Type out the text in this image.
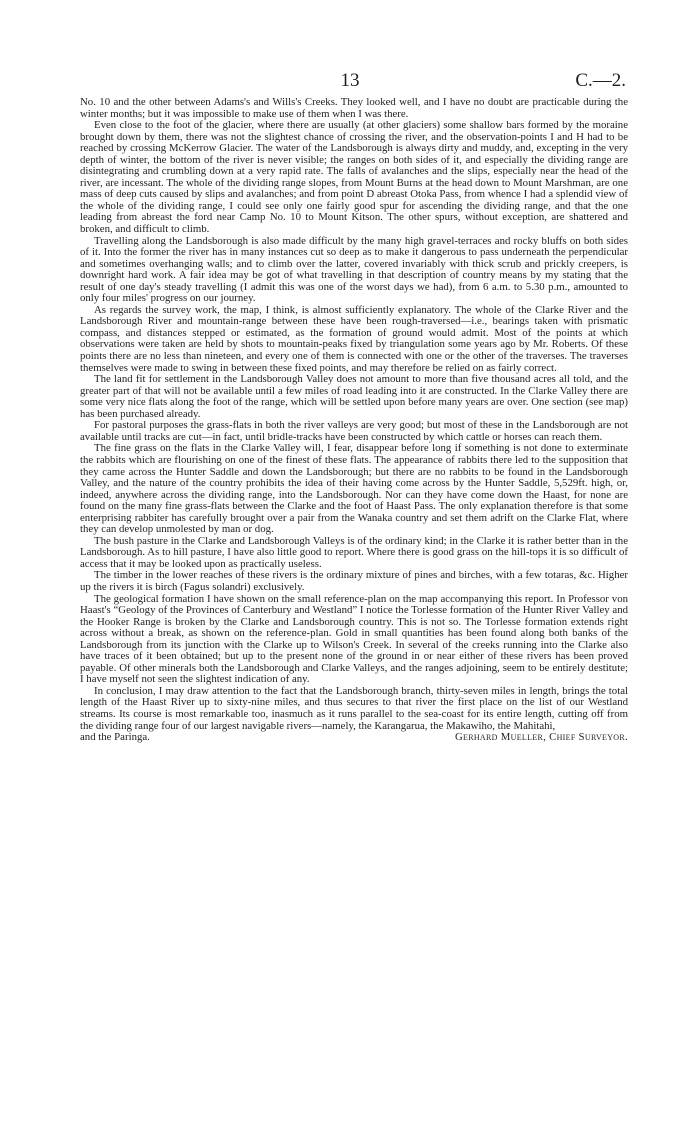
13	C.—2.

No. 10 and the other between Adams's and Wills's Creeks. They looked well, and I have no doubt are practicable during the winter months; but it was impossible to make use of them when I was there.

Even close to the foot of the glacier, where there are usually (at other glaciers) some shallow bars formed by the moraine brought down by them, there was not the slightest chance of crossing the river, and the observation-points I and H had to be reached by crossing McKerrow Glacier. The water of the Landsborough is always dirty and muddy, and, excepting in the very depth of winter, the bottom of the river is never visible; the ranges on both sides of it, and especially the dividing range are disintegrating and crumbling down at a very rapid rate. The falls of avalanches and the slips, especially near the head of the river, are incessant. The whole of the dividing range slopes, from Mount Burns at the head down to Mount Marshman, are one mass of deep cuts caused by slips and avalanches; and from point D abreast Otoka Pass, from whence I had a splendid view of the whole of the dividing range, I could see only one fairly good spur for ascending the dividing range, and that the one leading from abreast the ford near Camp No. 10 to Mount Kitson. The other spurs, without exception, are shattered and broken, and difficult to climb.

Travelling along the Landsborough is also made difficult by the many high gravel-terraces and rocky bluffs on both sides of it. Into the former the river has in many instances cut so deep as to make it dangerous to pass underneath the perpendicular and sometimes overhanging walls; and to climb over the latter, covered invariably with thick scrub and prickly creepers, is downright hard work. A fair idea may be got of what travelling in that description of country means by my stating that the result of one day's steady travelling (I admit this was one of the worst days we had), from 6 a.m. to 5.30 p.m., amounted to only four miles' progress on our journey.

As regards the survey work, the map, I think, is almost sufficiently explanatory. The whole of the Clarke River and the Landsborough River and mountain-range between these have been rough-traversed—i.e., bearings taken with prismatic compass, and distances stepped or estimated, as the formation of ground would admit. Most of the points at which observations were taken are held by shots to mountain-peaks fixed by triangulation some years ago by Mr. Roberts. Of these points there are no less than nineteen, and every one of them is connected with one or the other of the traverses. The traverses themselves were made to swing in between these fixed points, and may therefore be relied on as fairly correct.

The land fit for settlement in the Landsborough Valley does not amount to more than five thousand acres all told, and the greater part of that will not be available until a few miles of road leading into it are constructed. In the Clarke Valley there are some very nice flats along the foot of the range, which will be settled upon before many years are over. One section (see map) has been purchased already.

For pastoral purposes the grass-flats in both the river valleys are very good; but most of these in the Landsborough are not available until tracks are cut—in fact, until bridle-tracks have been constructed by which cattle or horses can reach them.

The fine grass on the flats in the Clarke Valley will, I fear, disappear before long if something is not done to exterminate the rabbits which are flourishing on one of the finest of these flats. The appearance of rabbits there led to the supposition that they came across the Hunter Saddle and down the Landsborough; but there are no rabbits to be found in the Landsborough Valley, and the nature of the country prohibits the idea of their having come across by the Hunter Saddle, 5,529ft. high, or, indeed, anywhere across the dividing range, into the Landsborough. Nor can they have come down the Haast, for none are found on the many fine grass-flats between the Clarke and the foot of Haast Pass. The only explanation therefore is that some enterprising rabbiter has carefully brought over a pair from the Wanaka country and set them adrift on the Clarke Flat, where they can develop unmolested by man or dog.

The bush pasture in the Clarke and Landsborough Valleys is of the ordinary kind; in the Clarke it is rather better than in the Landsborough. As to hill pasture, I have also little good to report. Where there is good grass on the hill-tops it is so difficult of access that it may be looked upon as practically useless.

The timber in the lower reaches of these rivers is the ordinary mixture of pines and birches, with a few totaras, &c. Higher up the rivers it is birch (Fagus solandri) exclusively.

The geological formation I have shown on the small reference-plan on the map accompanying this report. In Professor von Haast's “Geology of the Provinces of Canterbury and Westland” I notice the Torlesse formation of the Hunter River Valley and the Hooker Range is broken by the Clarke and Landsborough country. This is not so. The Torlesse formation extends right across without a break, as shown on the reference-plan. Gold in small quantities has been found along both banks of the Landsborough from its junction with the Clarke up to Wilson's Creek. In several of the creeks running into the Clarke also have traces of it been obtained; but up to the present none of the ground in or near either of these rivers has been proved payable. Of other minerals both the Landsborough and Clarke Valleys, and the ranges adjoining, seem to be entirely destitute; I have myself not seen the slightest indication of any.

In conclusion, I may draw attention to the fact that the Landsborough branch, thirty-seven miles in length, brings the total length of the Haast River up to sixty-nine miles, and thus secures to that river the first place on the list of our Westland streams. Its course is most remarkable too, inasmuch as it runs parallel to the sea-coast for its entire length, cutting off from the dividing range four of our largest navigable rivers—namely, the Karangarua, the Makawiho, the Mahitahi,

and the Paringa.	Gerhard Mueller, Chief Surveyor.
